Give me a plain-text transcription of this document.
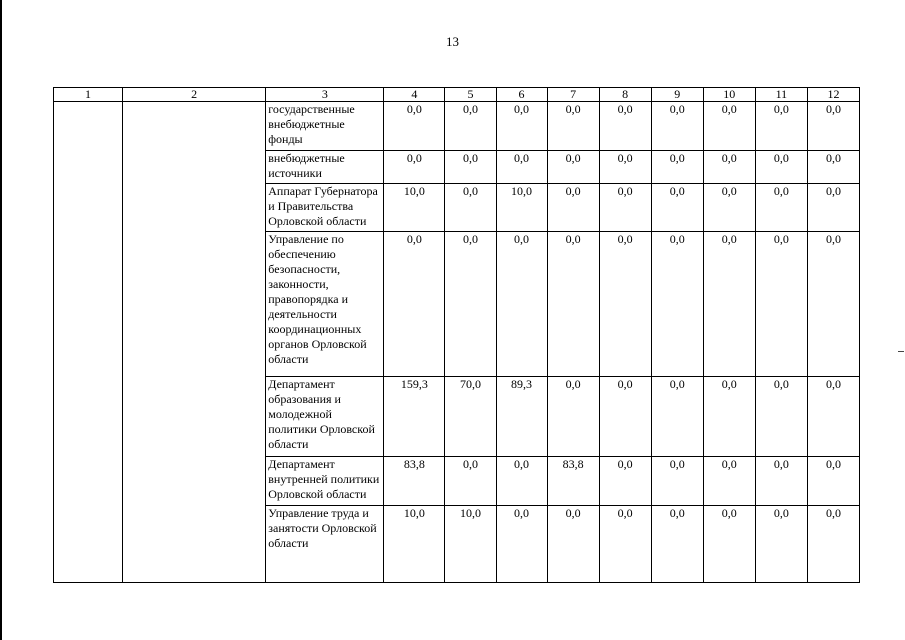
13
1	2	3	4	5	6	7	8	9	10	11	12
		государственные внебюджетные фонды	0,0	0,0	0,0	0,0	0,0	0,0	0,0	0,0	0,0
		внебюджетные источники	0,0	0,0	0,0	0,0	0,0	0,0	0,0	0,0	0,0
		Аппарат Губернатора и Правительства Орловской области	10,0	0,0	10,0	0,0	0,0	0,0	0,0	0,0	0,0
		Управление по обеспечению безопасности, законности, правопорядка и деятельности координационных органов Орловской области	0,0	0,0	0,0	0,0	0,0	0,0	0,0	0,0	0,0
		Департамент образования и молодежной политики Орловской области	159,3	70,0	89,3	0,0	0,0	0,0	0,0	0,0	0,0
		Департамент внутренней политики Орловской области	83,8	0,0	0,0	83,8	0,0	0,0	0,0	0,0	0,0
		Управление труда и занятости Орловской области	10,0	10,0	0,0	0,0	0,0	0,0	0,0	0,0	0,0
